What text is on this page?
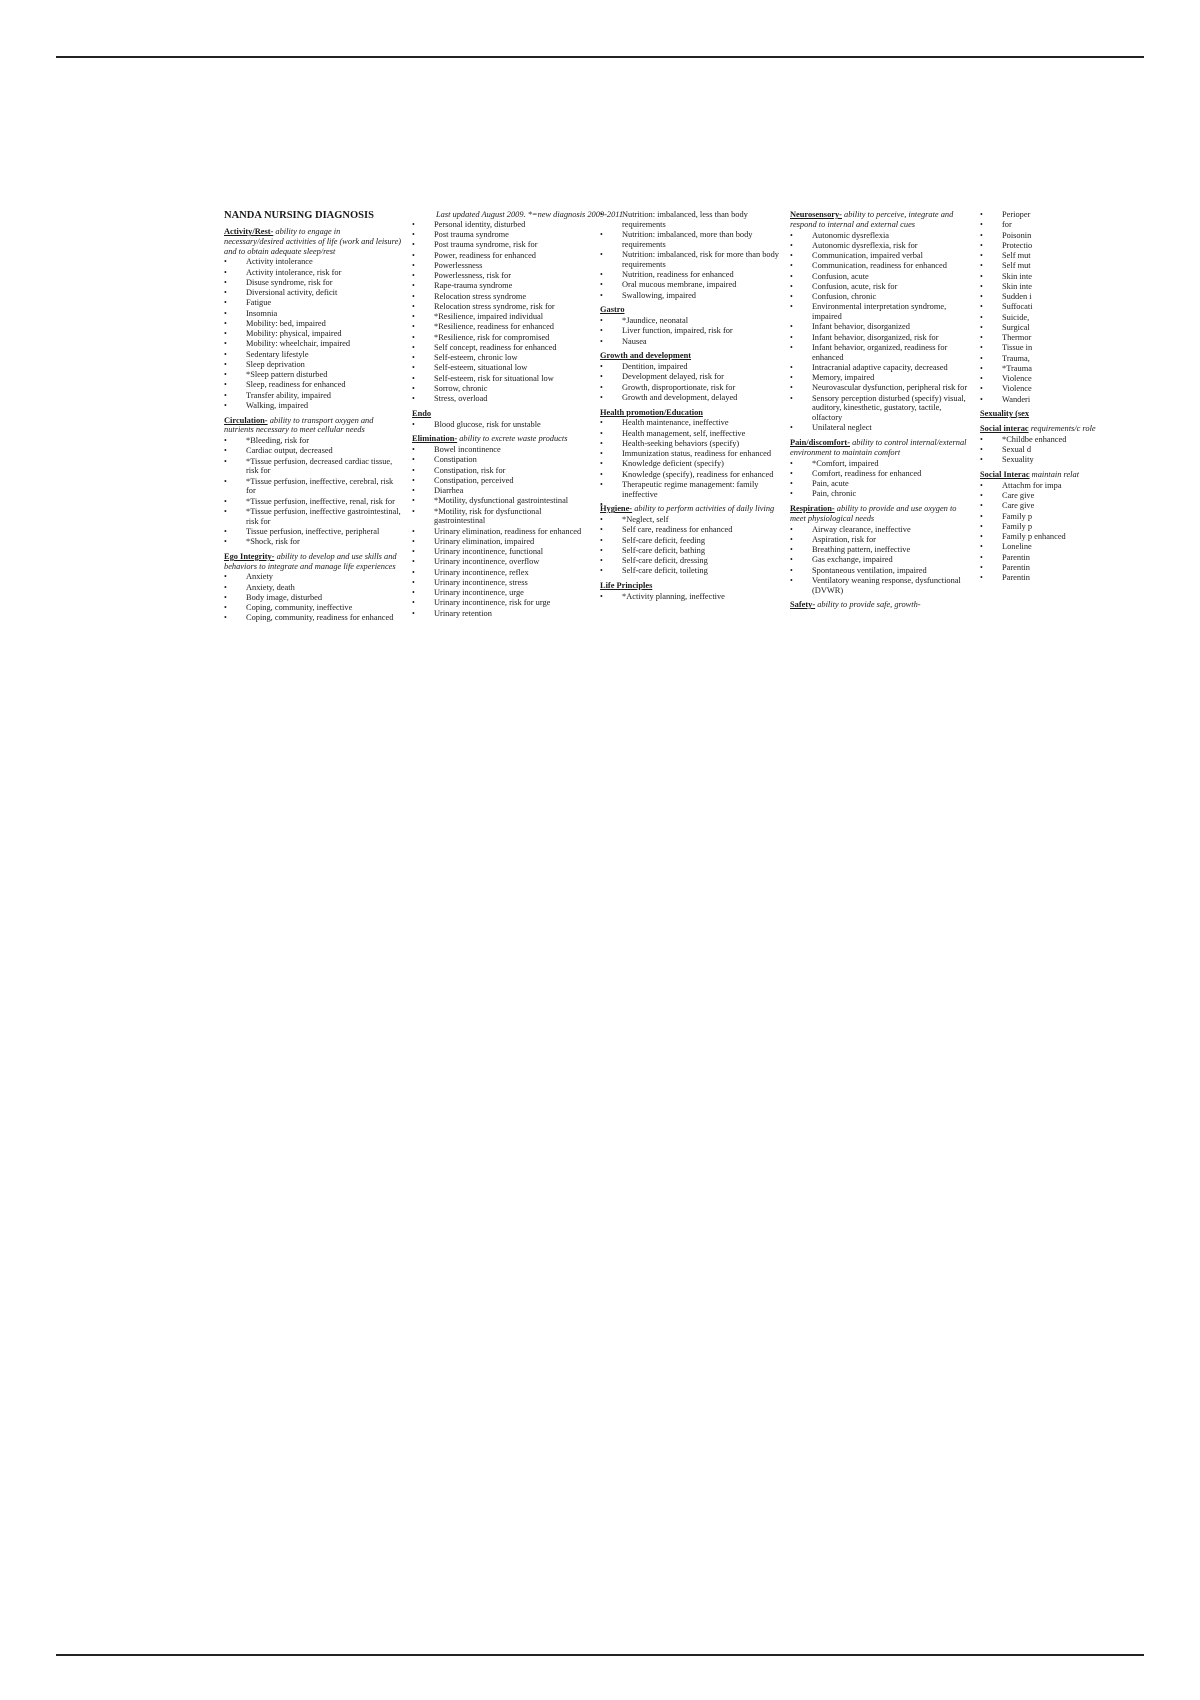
NANDA NURSING DIAGNOSIS
Activity/Rest- ability to engage in necessary/desired activities of life (work and leisure) and to obtain adequate sleep/rest
• Activity intolerance
• Activity intolerance, risk for
• Disuse syndrome, risk for
• Diversional activity, deficit
• Fatigue
• Insomnia
• Mobility: bed, impaired
• Mobility: physical, impaired
• Mobility: wheelchair, impaired
• Sedentary lifestyle
• Sleep deprivation
• *Sleep pattern disturbed
• Sleep, readiness for enhanced
• Transfer ability, impaired
• Walking, impaired
Circulation- ability to transport oxygen and nutrients necessary to meet cellular needs
• *Bleeding, risk for
• Cardiac output, decreased
• *Tissue perfusion, decreased cardiac tissue, risk for
• *Tissue perfusion, ineffective, cerebral, risk for
• *Tissue perfusion, ineffective, renal, risk for
• *Tissue perfusion, ineffective gastrointestinal, risk for
• Tissue perfusion, ineffective, peripheral
• *Shock, risk for
Ego Integrity- ability to develop and use skills and behaviors to integrate and manage life experiences
• Anxiety
• Anxiety, death
• Body image, disturbed
• Coping, community, ineffective
• Coping, community, readiness for enhanced
Last updated August 2009. *=new diagnosis 2009-2011
• Personal identity, disturbed
• Post trauma syndrome
• Post trauma syndrome, risk for
• Power, readiness for enhanced
• Powerlessness
• Powerlessness, risk for
• Rape-trauma syndrome
• Relocation stress syndrome
• Relocation stress syndrome, risk for
• *Resilience, impaired individual
• *Resilience, readiness for enhanced
• *Resilience, risk for compromised
• Self concept, readiness for enhanced
• Self-esteem, chronic low
• Self-esteem, situational low
• Self-esteem, risk for situational low
• Sorrow, chronic
• Stress, overload
Endo
• Blood glucose, risk for unstable
Elimination- ability to excrete waste products
• Bowel incontinence
• Constipation
• Constipation, risk for
• Constipation, perceived
• Diarrhea
• *Motility, dysfunctional gastrointestinal
• *Motility, risk for dysfunctional gastrointestinal
• Urinary elimination, readiness for enhanced
• Urinary elimination, impaired
• Urinary incontinence, functional
• Urinary incontinence, overflow
• Urinary incontinence, reflex
• Urinary incontinence, stress
• Urinary incontinence, urge
• Urinary incontinence, risk for urge
• Urinary retention
• Nutrition: imbalanced, less than body requirements
• Nutrition: imbalanced, more than body requirements
• Nutrition: imbalanced, risk for more than body requirements
• Nutrition, readiness for enhanced
• Oral mucous membrane, impaired
• Swallowing, impaired
Gastro
• *Jaundice, neonatal
• Liver function, impaired, risk for
• Nausea
Growth and development
• Dentition, impaired
• Development delayed, risk for
• Growth, disproportionate, risk for
• Growth and development, delayed
Health promotion/Education
• Health maintenance, ineffective
• Health management, self, ineffective
• Health-seeking behaviors (specify)
• Immunization status, readiness for enhanced
• Knowledge deficient (specify)
• Knowledge (specify), readiness for enhanced
• Therapeutic regime management: family ineffective
Hygiene- ability to perform activities of daily living
• *Neglect, self
• Self care, readiness for enhanced
• Self-care deficit, feeding
• Self-care deficit, bathing
• Self-care deficit, dressing
• Self-care deficit, toileting
Life Principles
• *Activity planning, ineffective
Neurosensory- ability to perceive, integrate and respond to internal and external cues
• Autonomic dysreflexia
• Autonomic dysreflexia, risk for
• Communication, impaired verbal
• Communication, readiness for enhanced
• Confusion, acute
• Confusion, acute, risk for
• Confusion, chronic
• Environmental interpretation syndrome, impaired
• Infant behavior, disorganized
• Infant behavior, disorganized, risk for
• Infant behavior, organized, readiness for enhanced
• Intracranial adaptive capacity, decreased
• Memory, impaired
• Neurovascular dysfunction, peripheral risk for
• Sensory perception disturbed (specify) visual, auditory, kinesthetic, gustatory, tactile, olfactory
• Unilateral neglect
Pain/discomfort- ability to control internal/external environment to maintain comfort
• *Comfort, impaired
• Comfort, readiness for enhanced
• Pain, acute
• Pain, chronic
Respiration- ability to provide and use oxygen to meet physiological needs
• Airway clearance, ineffective
• Aspiration, risk for
• Breathing pattern, ineffective
• Gas exchange, impaired
• Spontaneous ventilation, impaired
• Ventilatory weaning response, dysfunctional (DVWR)
Safety- ability to provide safe, growth-
• Perioper
• for
• Poisonin
• Protectio
• Self mut
• Self mut
• Skin inte
• Skin inte
• Sudden i
• Suffocati
• Suicide,
• Surgical
• Thermor
• Tissue in
• Trauma,
• *Trauma
• Violence
• Violence
• Wanderi
Sexuality (sex
Social interac requirements/c role
• *Childbe enhanced
• Sexual d
• Sexuality
Social Interac maintain relat
• Attachm for impa
• Care give
• Care give
• Family p
• Family p
• Family p enhanced
• Loneline
• Parentin
• Parentin
• Parentin
